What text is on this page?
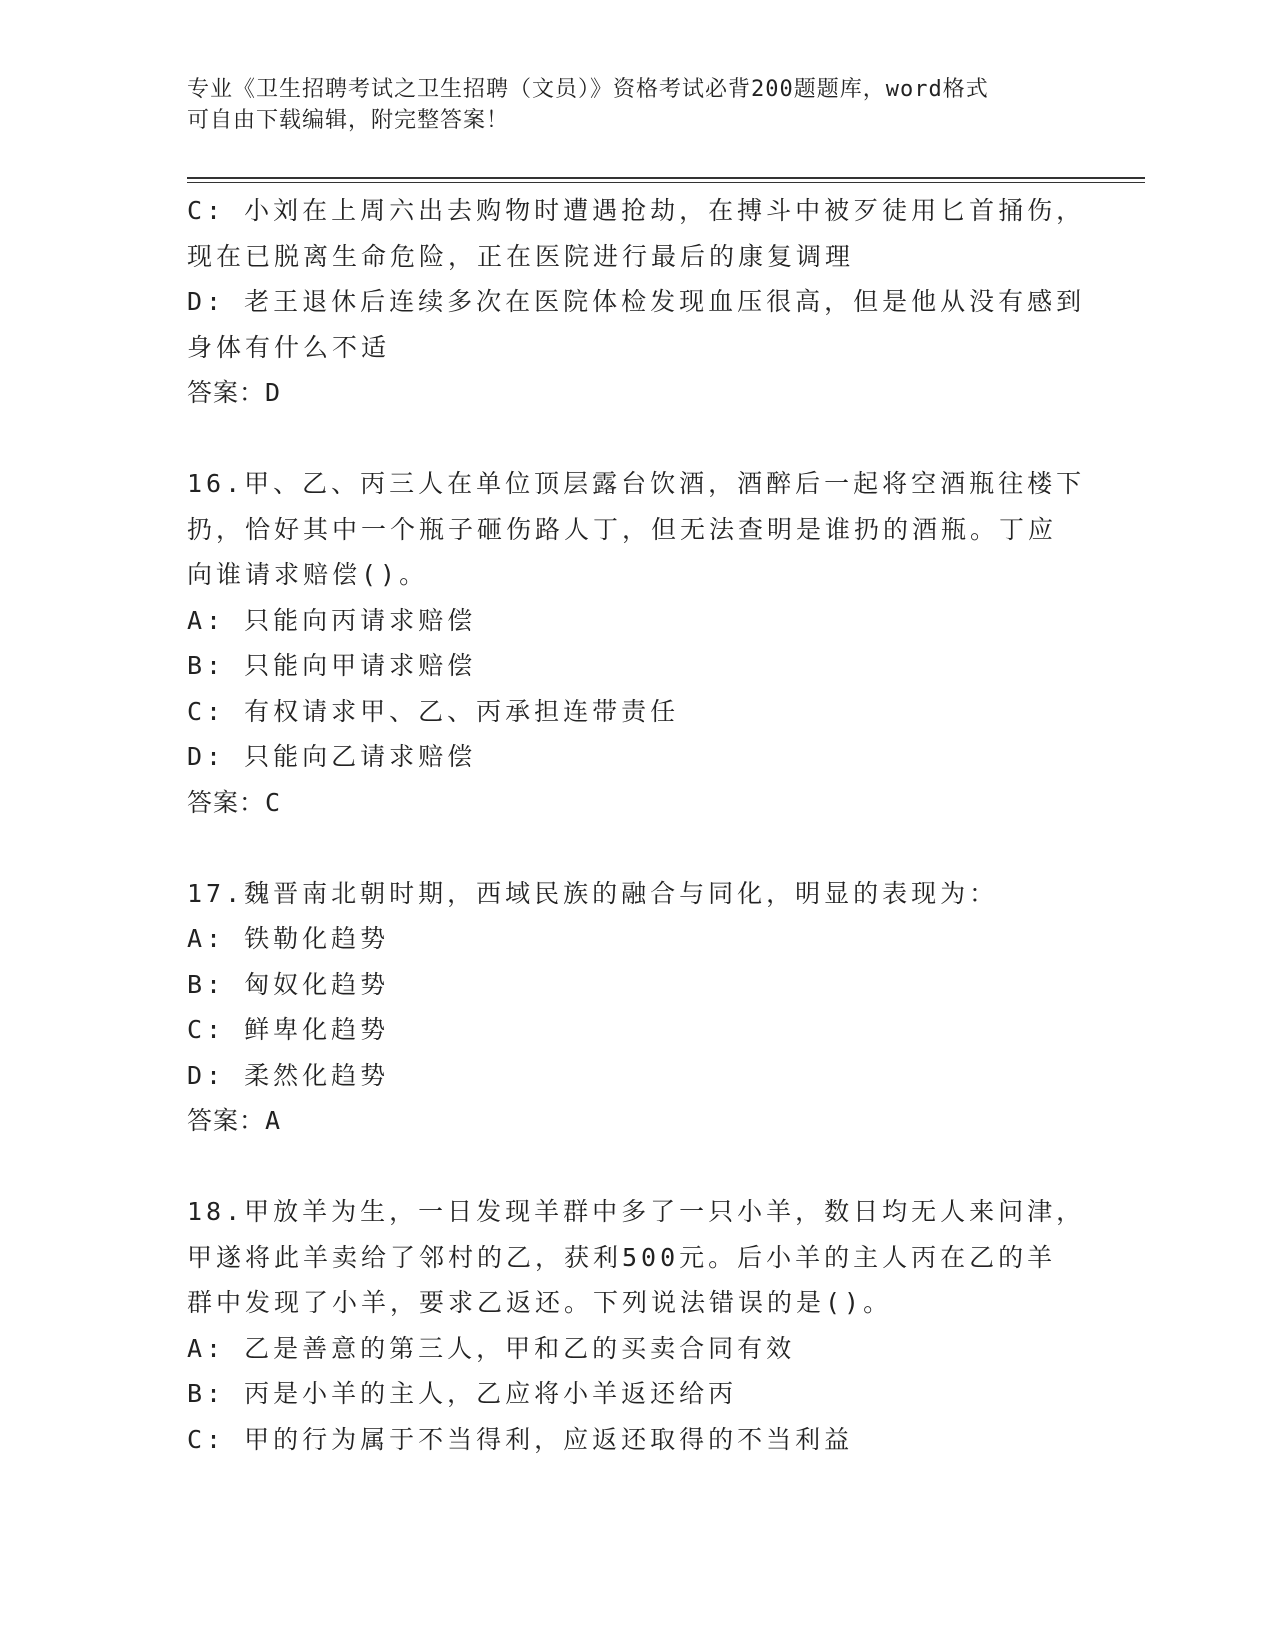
专业《卫生招聘考试之卫生招聘（文员）》资格考试必背200题题库，word格式
可自由下载编辑，附完整答案！
C: 小刘在上周六出去购物时遭遇抢劫，在搏斗中被歹徒用匕首捅伤，
现在已脱离生命危险，正在医院进行最后的康复调理
D: 老王退休后连续多次在医院体检发现血压很高，但是他从没有感到
身体有什么不适
答案：D
16.甲、乙、丙三人在单位顶层露台饮酒，酒醉后一起将空酒瓶往楼下
扔，恰好其中一个瓶子砸伤路人丁，但无法查明是谁扔的酒瓶。丁应
向谁请求赔偿()。
A: 只能向丙请求赔偿
B: 只能向甲请求赔偿
C: 有权请求甲、乙、丙承担连带责任
D: 只能向乙请求赔偿
答案：C
17.魏晋南北朝时期，西域民族的融合与同化，明显的表现为：
A: 铁勒化趋势
B: 匈奴化趋势
C: 鲜卑化趋势
D: 柔然化趋势
答案：A
18.甲放羊为生，一日发现羊群中多了一只小羊，数日均无人来问津，
甲遂将此羊卖给了邻村的乙，获利500元。后小羊的主人丙在乙的羊
群中发现了小羊，要求乙返还。下列说法错误的是()。
A: 乙是善意的第三人，甲和乙的买卖合同有效
B: 丙是小羊的主人，乙应将小羊返还给丙
C: 甲的行为属于不当得利，应返还取得的不当利益
